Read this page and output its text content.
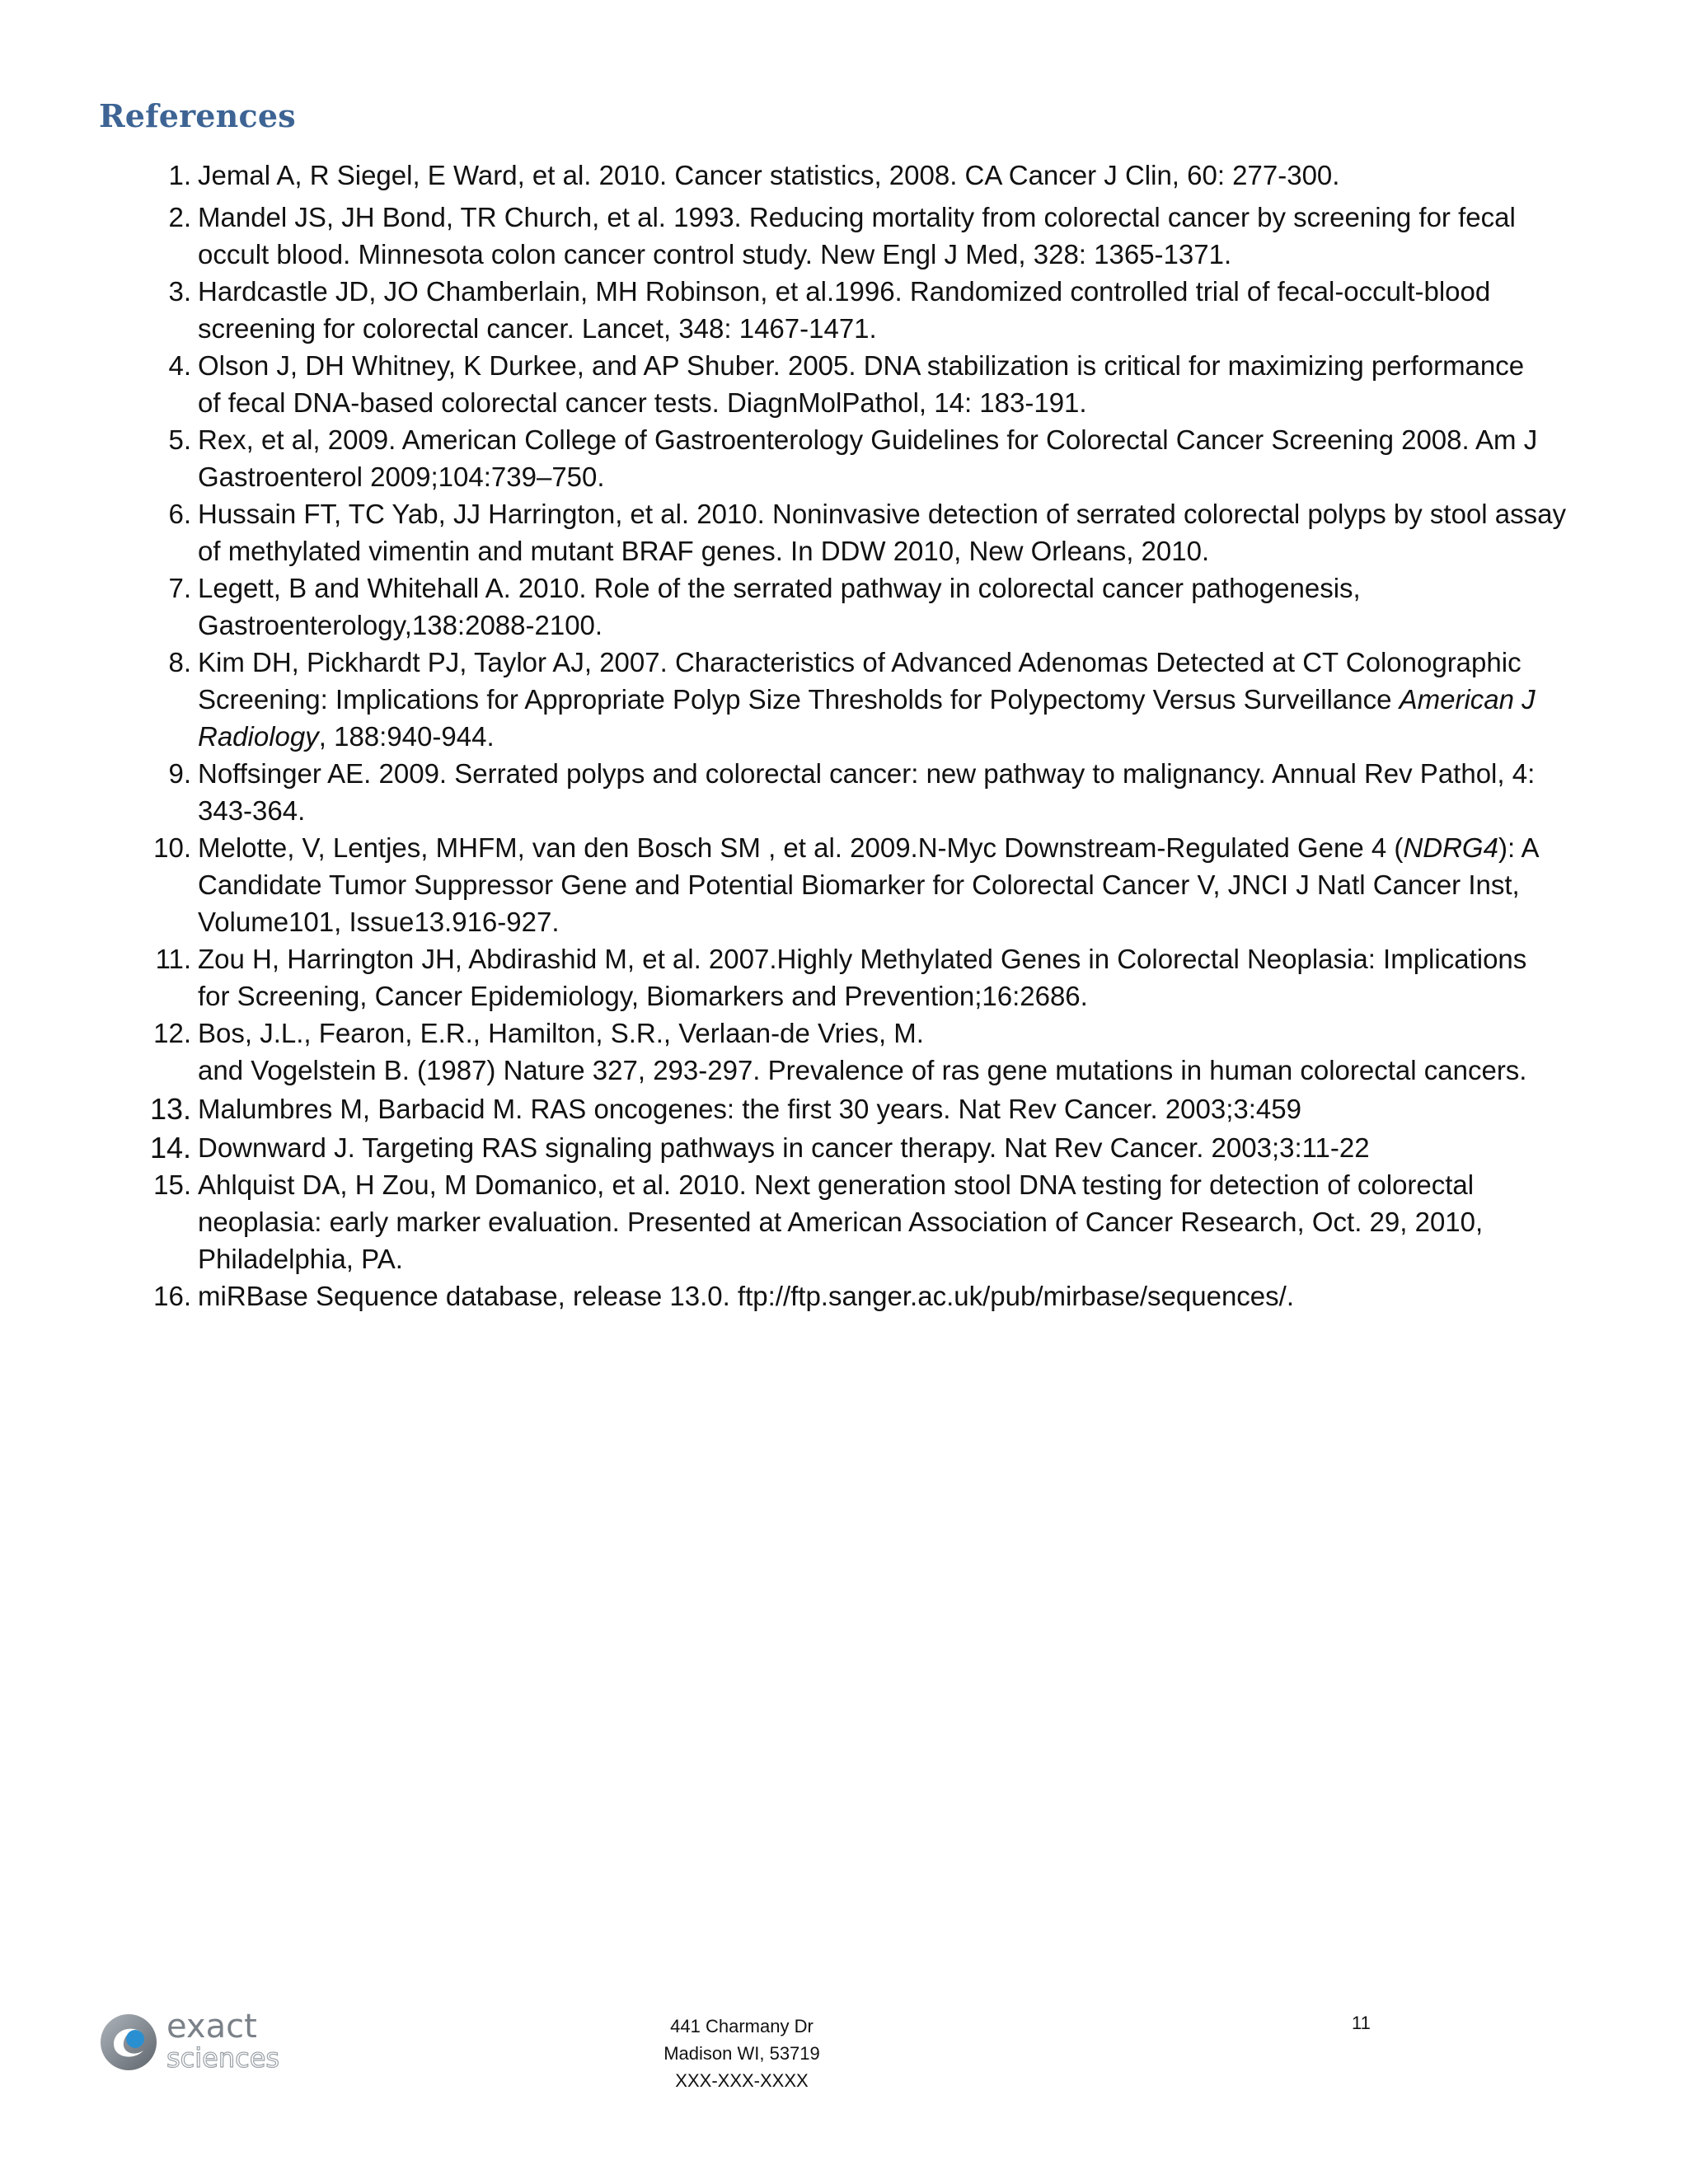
References
1. Jemal A, R Siegel, E Ward, et al. 2010. Cancer statistics, 2008. CA Cancer J Clin, 60: 277-300.
2. Mandel JS, JH Bond, TR Church, et al. 1993. Reducing mortality from colorectal cancer by screening for fecal
occult blood. Minnesota colon cancer control study. New Engl J Med, 328: 1365-1371.
3. Hardcastle JD, JO Chamberlain, MH Robinson, et al.1996. Randomized controlled trial of fecal-occult-blood
screening for colorectal cancer. Lancet, 348: 1467-1471.
4. Olson J, DH Whitney, K Durkee, and AP Shuber. 2005. DNA stabilization is critical for maximizing performance
of fecal DNA-based colorectal cancer tests. DiagnMolPathol, 14: 183-191.
5. Rex, et al, 2009. American College of Gastroenterology Guidelines for Colorectal Cancer Screening 2008. Am J
Gastroenterol 2009;104:739–750.
6. Hussain FT, TC Yab, JJ Harrington, et al. 2010. Noninvasive detection of serrated colorectal polyps by stool assay
of methylated vimentin and mutant BRAF genes. In DDW 2010, New Orleans, 2010.
7. Legett, B and Whitehall A. 2010. Role of the serrated pathway in colorectal cancer pathogenesis,
Gastroenterology,138:2088-2100.
8. Kim DH, Pickhardt PJ, Taylor AJ, 2007. Characteristics of Advanced Adenomas Detected at CT Colonographic
Screening: Implications for Appropriate Polyp Size Thresholds for Polypectomy Versus Surveillance American J
Radiology, 188:940-944.
9. Noffsinger AE. 2009. Serrated polyps and colorectal cancer: new pathway to malignancy. Annual Rev Pathol, 4:
343-364.
10. Melotte, V, Lentjes, MHFM, van den Bosch SM , et al. 2009.N-Myc Downstream-Regulated Gene 4 (NDRG4): A
Candidate Tumor Suppressor Gene and Potential Biomarker for Colorectal Cancer V, JNCI J Natl Cancer Inst,
Volume101, Issue13.916-927.
11. Zou H, Harrington JH, Abdirashid M, et al. 2007.Highly Methylated Genes in Colorectal Neoplasia: Implications
for Screening, Cancer Epidemiology, Biomarkers and Prevention;16:2686.
12. Bos, J.L., Fearon, E.R., Hamilton, S.R., Verlaan-de Vries, M.
and Vogelstein B. (1987) Nature 327, 293-297. Prevalence of ras gene mutations in human colorectal cancers.
13. Malumbres M, Barbacid M. RAS oncogenes: the first 30 years. Nat Rev Cancer. 2003;3:459
14. Downward J. Targeting RAS signaling pathways in cancer therapy. Nat Rev Cancer. 2003;3:11-22
15. Ahlquist DA, H Zou, M Domanico, et al. 2010. Next generation stool DNA testing for detection of colorectal
neoplasia: early marker evaluation. Presented at American Association of Cancer Research, Oct. 29, 2010,
Philadelphia, PA.
16. miRBase Sequence database, release 13.0. ftp://ftp.sanger.ac.uk/pub/mirbase/sequences/.
exact
sciences
441 Charmany Dr
Madison WI, 53719
XXX-XXX-XXXX
11
